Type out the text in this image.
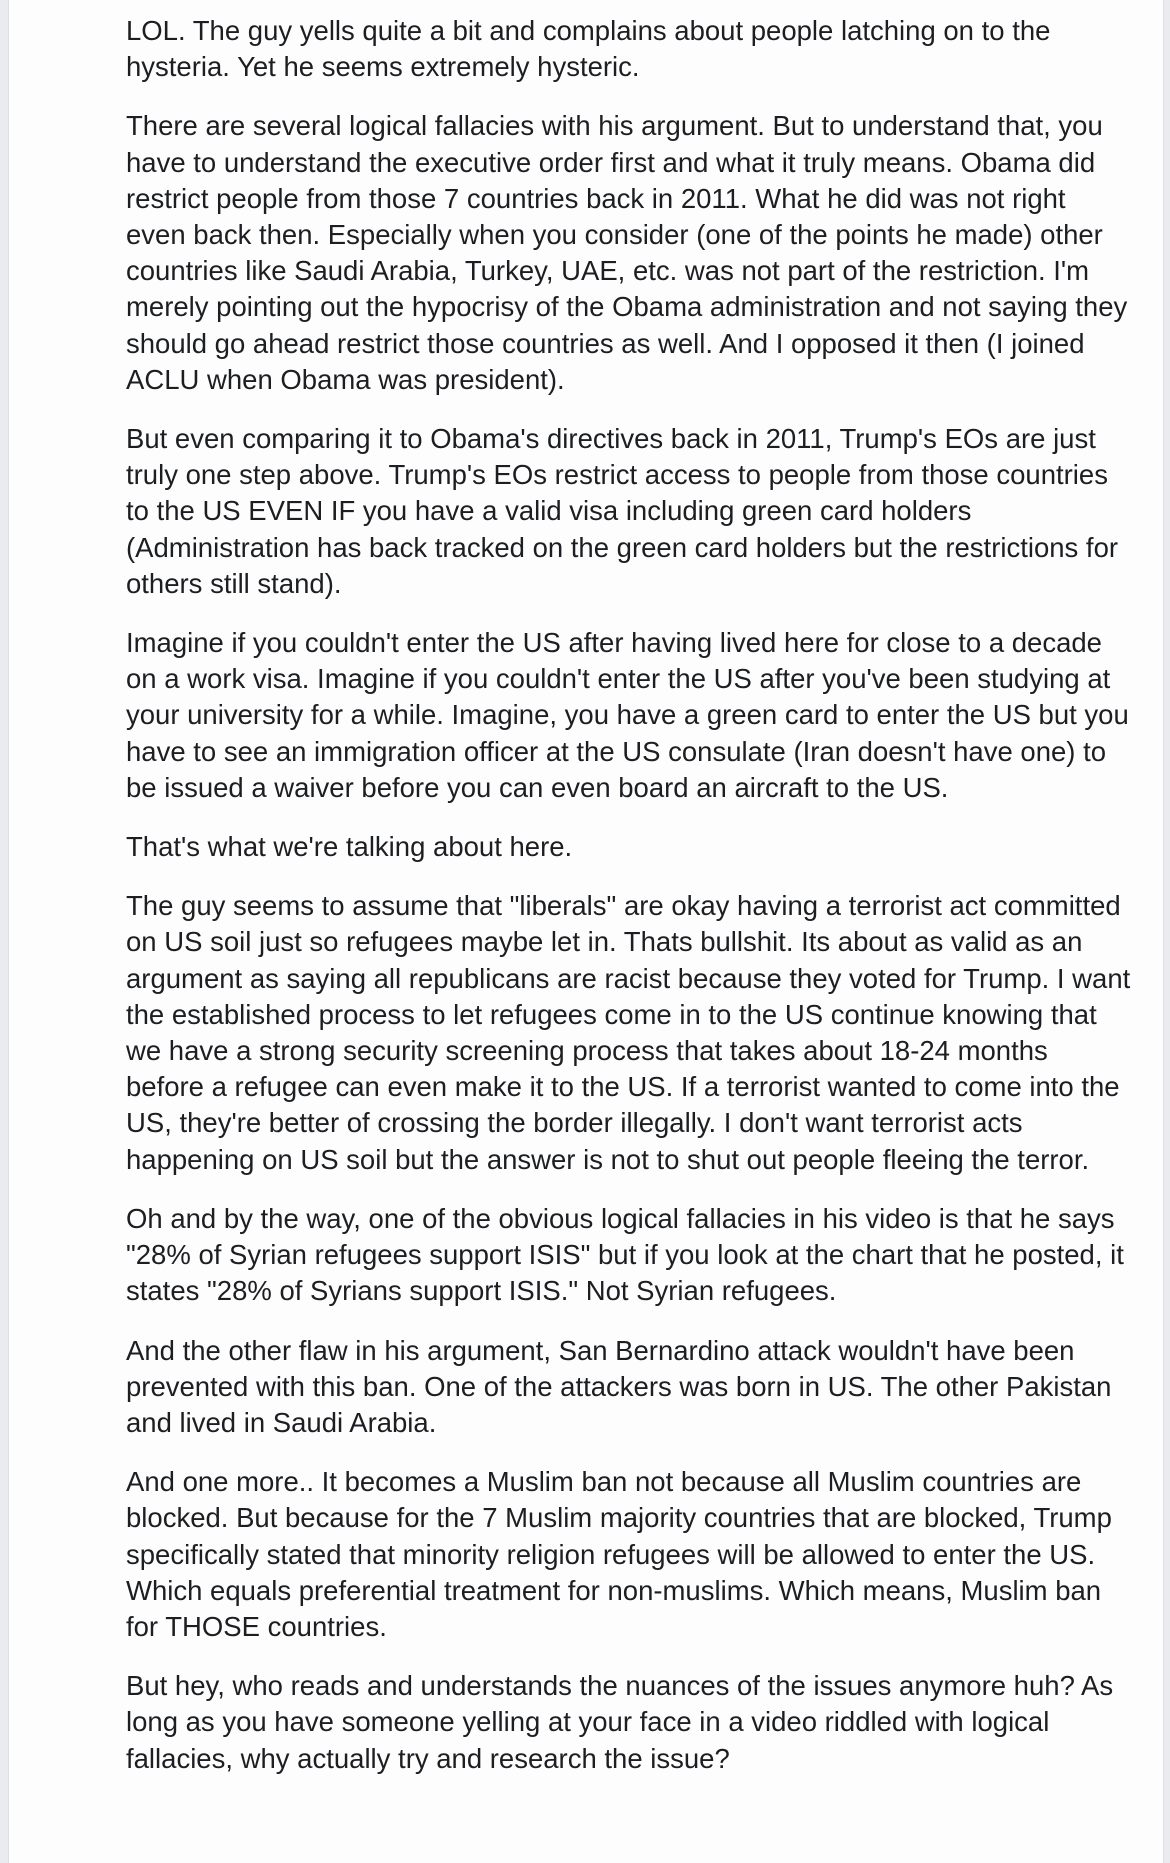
LOL. The guy yells quite a bit and complains about people latching on to the hysteria. Yet he seems extremely hysteric.

There are several logical fallacies with his argument. But to understand that, you have to understand the executive order first and what it truly means. Obama did restrict people from those 7 countries back in 2011. What he did was not right even back then. Especially when you consider (one of the points he made) other countries like Saudi Arabia, Turkey, UAE, etc. was not part of the restriction. I'm merely pointing out the hypocrisy of the Obama administration and not saying they should go ahead restrict those countries as well. And I opposed it then (I joined ACLU when Obama was president).

But even comparing it to Obama's directives back in 2011, Trump's EOs are just truly one step above. Trump's EOs restrict access to people from those countries to the US EVEN IF you have a valid visa including green card holders (Administration has back tracked on the green card holders but the restrictions for others still stand).

Imagine if you couldn't enter the US after having lived here for close to a decade on a work visa. Imagine if you couldn't enter the US after you've been studying at your university for a while. Imagine, you have a green card to enter the US but you have to see an immigration officer at the US consulate (Iran doesn't have one) to be issued a waiver before you can even board an aircraft to the US.

That's what we're talking about here.

The guy seems to assume that "liberals" are okay having a terrorist act committed on US soil just so refugees maybe let in. Thats bullshit. Its about as valid as an argument as saying all republicans are racist because they voted for Trump. I want the established process to let refugees come in to the US continue knowing that we have a strong security screening process that takes about 18-24 months before a refugee can even make it to the US. If a terrorist wanted to come into the US, they're better of crossing the border illegally. I don't want terrorist acts happening on US soil but the answer is not to shut out people fleeing the terror.

Oh and by the way, one of the obvious logical fallacies in his video is that he says "28% of Syrian refugees support ISIS" but if you look at the chart that he posted, it states "28% of Syrians support ISIS." Not Syrian refugees.

And the other flaw in his argument, San Bernardino attack wouldn't have been prevented with this ban. One of the attackers was born in US. The other Pakistan and lived in Saudi Arabia.

And one more.. It becomes a Muslim ban not because all Muslim countries are blocked. But because for the 7 Muslim majority countries that are blocked, Trump specifically stated that minority religion refugees will be allowed to enter the US. Which equals preferential treatment for non-muslims. Which means, Muslim ban for THOSE countries.

But hey, who reads and understands the nuances of the issues anymore huh? As long as you have someone yelling at your face in a video riddled with logical fallacies, why actually try and research the issue?
